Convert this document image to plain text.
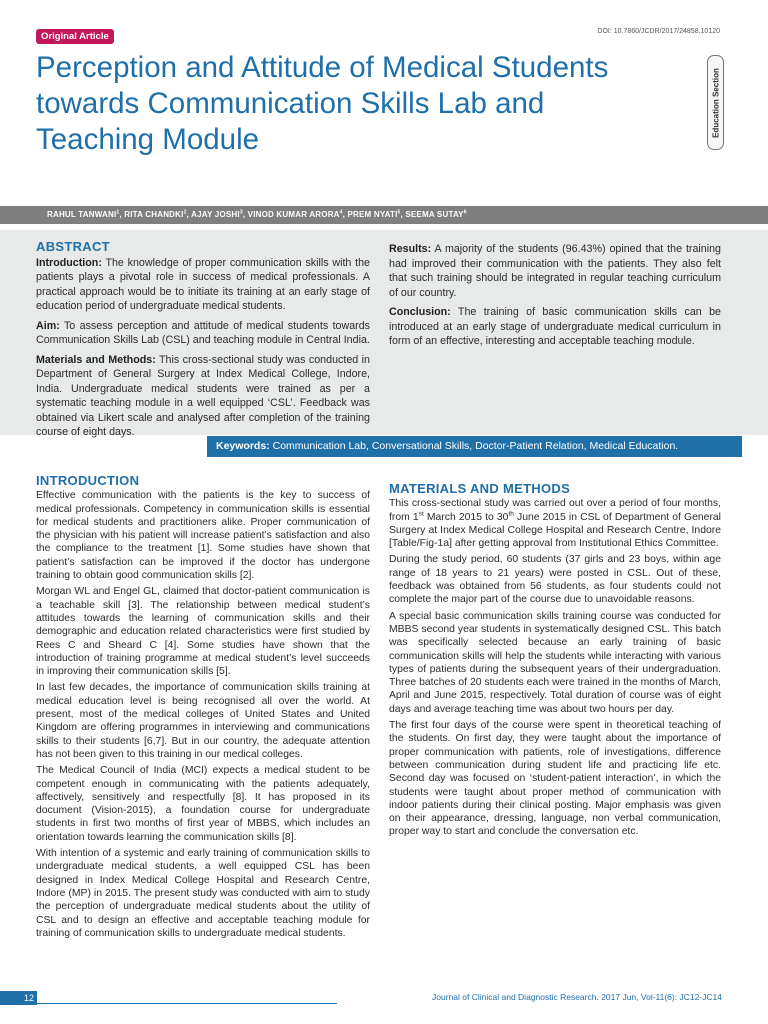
Original Article	DOI: 10.7860/JCDR/2017/24858.10120
Perception and Attitude of Medical Students towards Communication Skills Lab and Teaching Module
Education Section
RAHUL TANWANI$^1$, RITA CHANDKI$^2$, AJAY JOSHI$^3$, VINOD KUMAR ARORA$^4$, PREM NYATI$^5$, SEEMA SUTAY$^6$
ABSTRACT

Introduction: The knowledge of proper communication skills with the patients plays a pivotal role in success of medical professionals. A practical approach would be to initiate its training at an early stage of education period of undergraduate medical students.

Aim: To assess perception and attitude of medical students towards Communication Skills Lab (CSL) and teaching module in Central India.

Materials and Methods: This cross-sectional study was conducted in Department of General Surgery at Index Medical College, Indore, India. Undergraduate medical students were trained as per a systematic teaching module in a well equipped ‘CSL’. Feedback was obtained via Likert scale and analysed after completion of the training course of eight days.

Results: A majority of the students (96.43%) opined that the training had improved their communication with the patients. They also felt that such training should be integrated in regular teaching curriculum of our country.

Conclusion: The training of basic communication skills can be introduced at an early stage of undergraduate medical curriculum in form of an effective, interesting and acceptable teaching module.

Keywords: Communication Lab, Conversational Skills, Doctor-Patient Relation, Medical Education.
INTRODUCTION

Effective communication with the patients is the key to success of medical professionals. Competency in communication skills is essential for medical students and practitioners alike. Proper communication of the physician with his patient will increase patient’s satisfaction and also the compliance to the treatment [1]. Some studies have shown that patient’s satisfaction can be improved if the doctor has undergone training to obtain good communication skills [2].

Morgan WL and Engel GL, claimed that doctor-patient communication is a teachable skill [3]. The relationship between medical student’s attitudes towards the learning of communication skills and their demographic and education related characteristics were first studied by Rees C and Sheard C [4]. Some studies have shown that the introduction of training programme at medical student’s level succeeds in improving their communication skills [5].

In last few decades, the importance of communication skills training at medical education level is being recognised all over the world. At present, most of the medical colleges of United States and United Kingdom are offering programmes in interviewing and communications skills to their students [6,7]. But in our country, the adequate attention has not been given to this training in our medical colleges.

The Medical Council of India (MCI) expects a medical student to be competent enough in communicating with the patients adequately, affectively, sensitively and respectfully [8]. It has proposed in its document (Vision-2015), a foundation course for undergraduate students in first two months of first year of MBBS, which includes an orientation towards learning the communication skills [8].

With intention of a systemic and early training of communication skills to undergraduate medical students, a well equipped CSL has been designed in Index Medical College Hospital and Research Centre, Indore (MP) in 2015. The present study was conducted with aim to study the perception of undergraduate medical students about the utility of CSL and to design an effective and acceptable teaching module for training of communication skills to undergraduate medical students.

MATERIALS AND METHODS

This cross-sectional study was carried out over a period of four months, from 1st March 2015 to 30th June 2015 in CSL of Department of General Surgery at Index Medical College Hospital and Research Centre, Indore [Table/Fig-1a] after getting approval from Institutional Ethics Committee.

During the study period, 60 students (37 girls and 23 boys, within age range of 18 years to 21 years) were posted in CSL. Out of these, feedback was obtained from 56 students, as four students could not complete the major part of the course due to unavoidable reasons.

A special basic communication skills training course was conducted for MBBS second year students in systematically designed CSL. This batch was specifically selected because an early training of basic communication skills will help the students while interacting with various types of patients during the subsequent years of their undergraduation. Three batches of 20 students each were trained in the months of March, April and June 2015, respectively. Total duration of course was of eight days and average teaching time was about two hours per day.

The first four days of the course were spent in theoretical teaching of the students. On first day, they were taught about the importance of proper communication with patients, role of investigations, difference between communication during student life and practicing life etc. Second day was focused on ‘student-patient interaction’, in which the students were taught about proper method of communication with indoor patients during their clinical posting. Major emphasis was given on their appearance, dressing, language, non verbal communication, proper way to start and conclude the conversation etc.

12	Journal of Clinical and Diagnostic Research. 2017 Jun, Vol-11(6): JC12-JC14
